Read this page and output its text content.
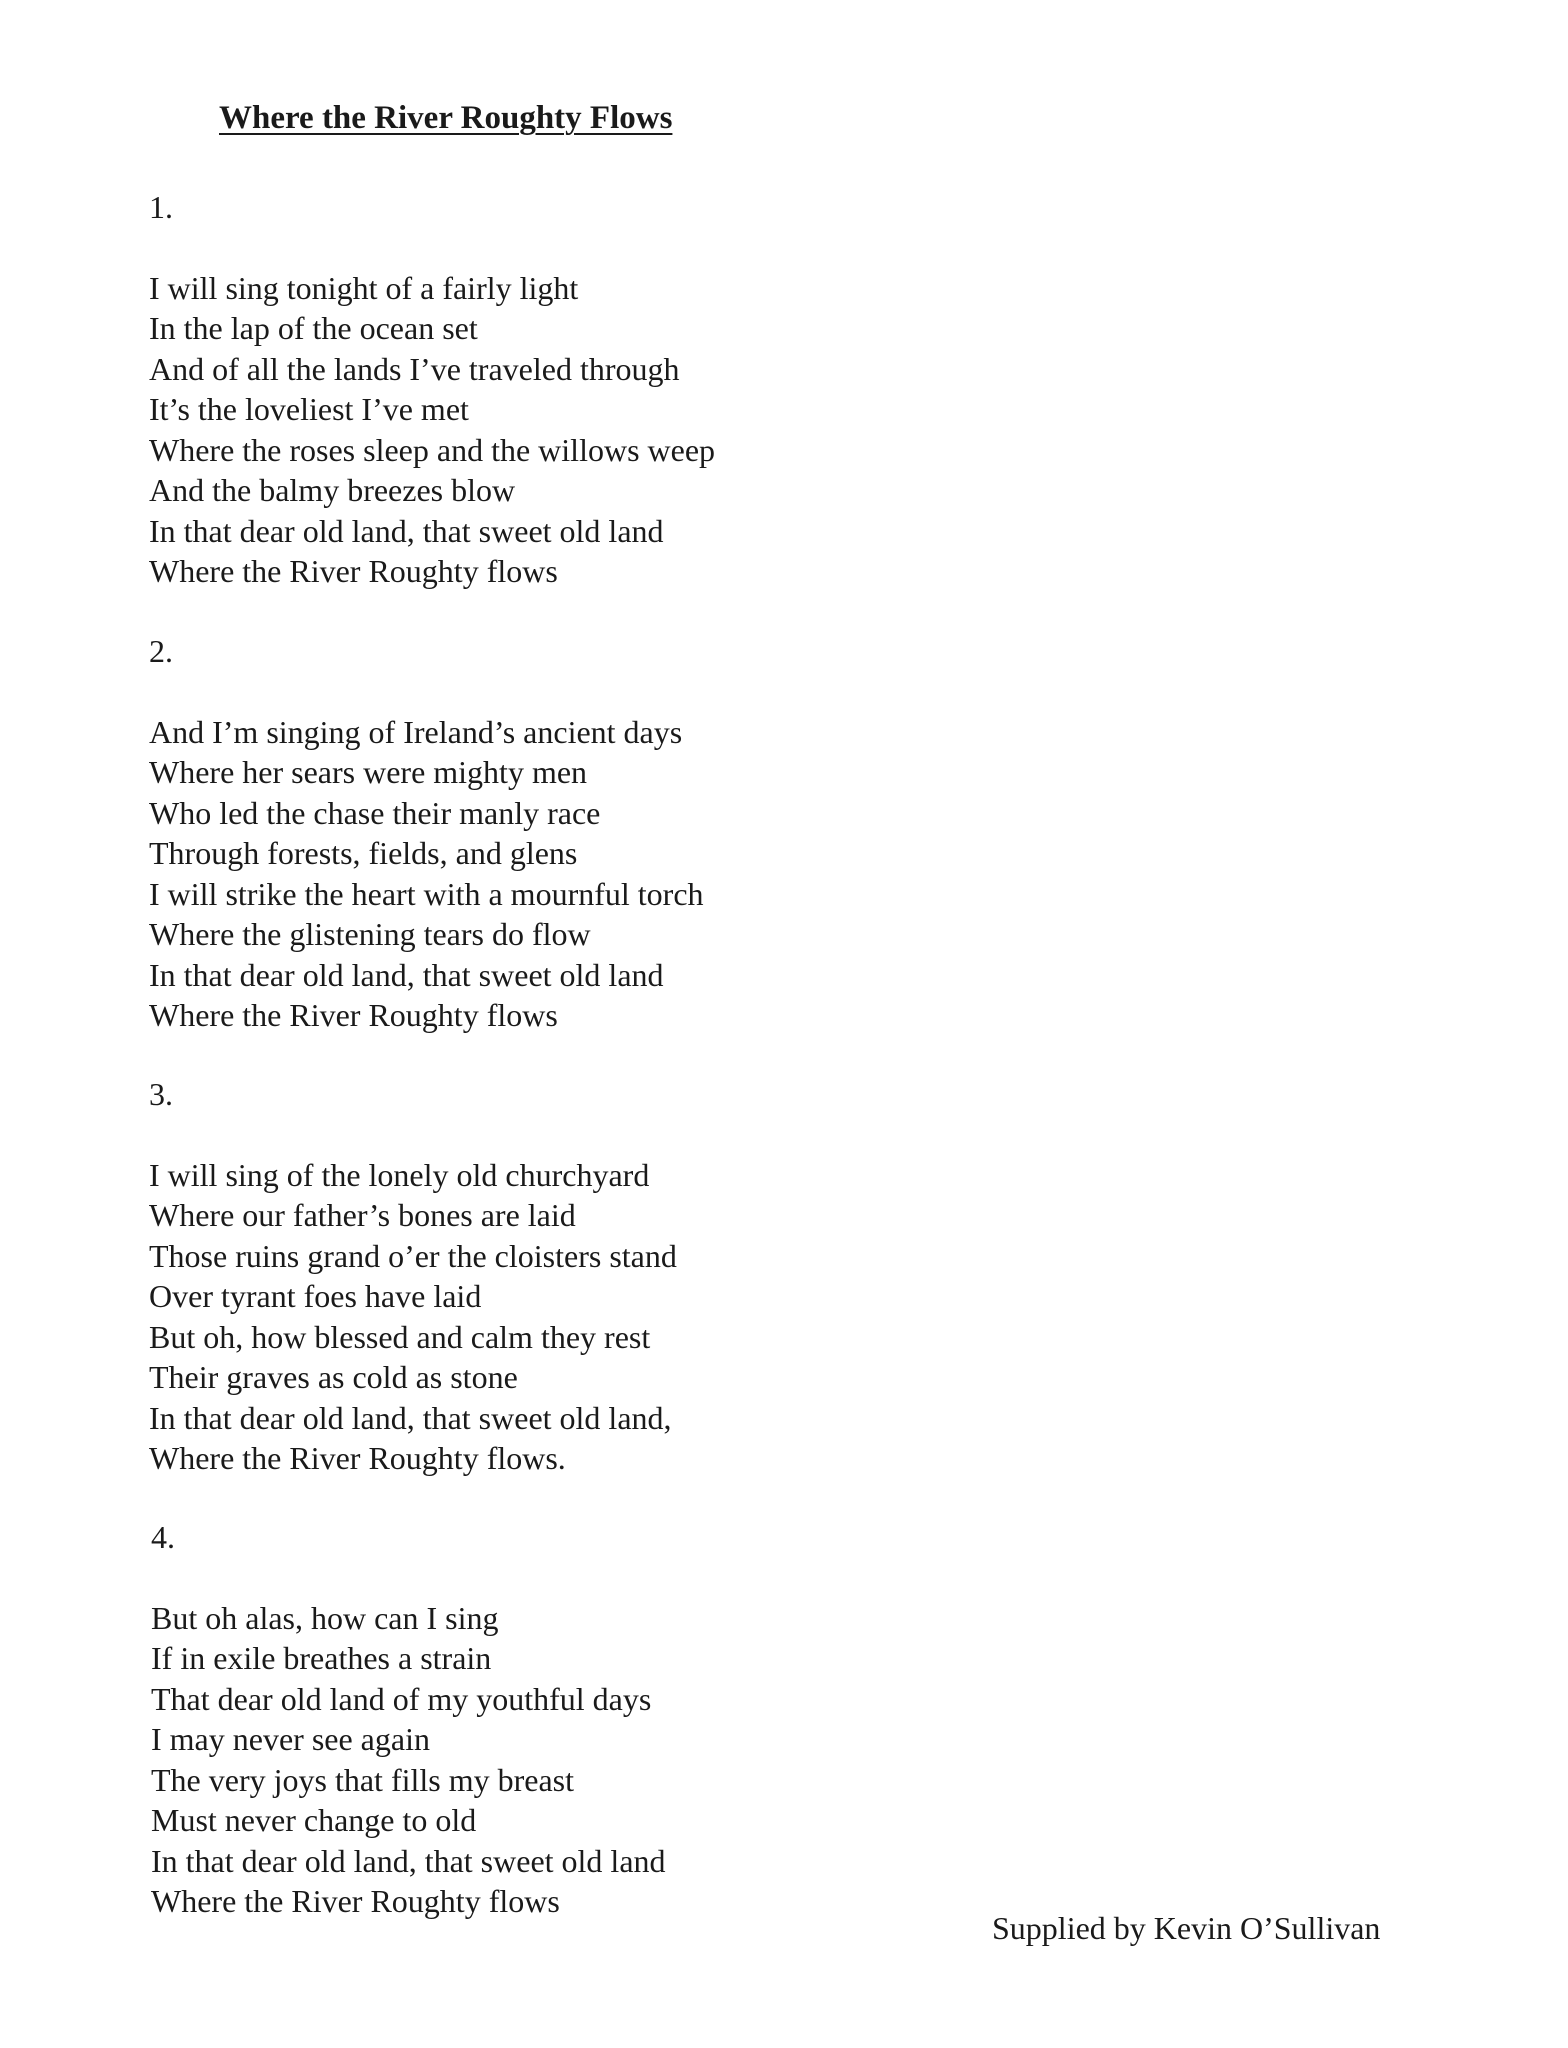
Where the River Roughty Flows
1.
I will sing tonight of a fairly light
In the lap of the ocean set
And of all the lands I’ve traveled through
It’s the loveliest I’ve met
Where the roses sleep and the willows weep
And the balmy breezes blow
In that dear old land, that sweet old land
Where the River Roughty flows
2.
And I’m singing of Ireland’s ancient days
Where her sears were mighty men
Who led the chase their manly race
Through forests, fields, and glens
I will strike the heart with a mournful torch
Where the glistening tears do flow
In that dear old land, that sweet old land
Where the River Roughty flows
3.
I will sing of the lonely old churchyard
Where our father’s bones are laid
Those ruins grand o’er the cloisters stand
Over tyrant foes have laid
But oh, how blessed and calm they rest
Their graves as cold as stone
In that dear old land, that sweet old land,
Where the River Roughty flows.
4.
But oh alas, how can I sing
If in exile breathes a strain
That dear old land of my youthful days
I may never see again
The very joys that fills my breast
Must never change to old
In that dear old land, that sweet old land
Where the River Roughty flows
Supplied by Kevin O’Sullivan
